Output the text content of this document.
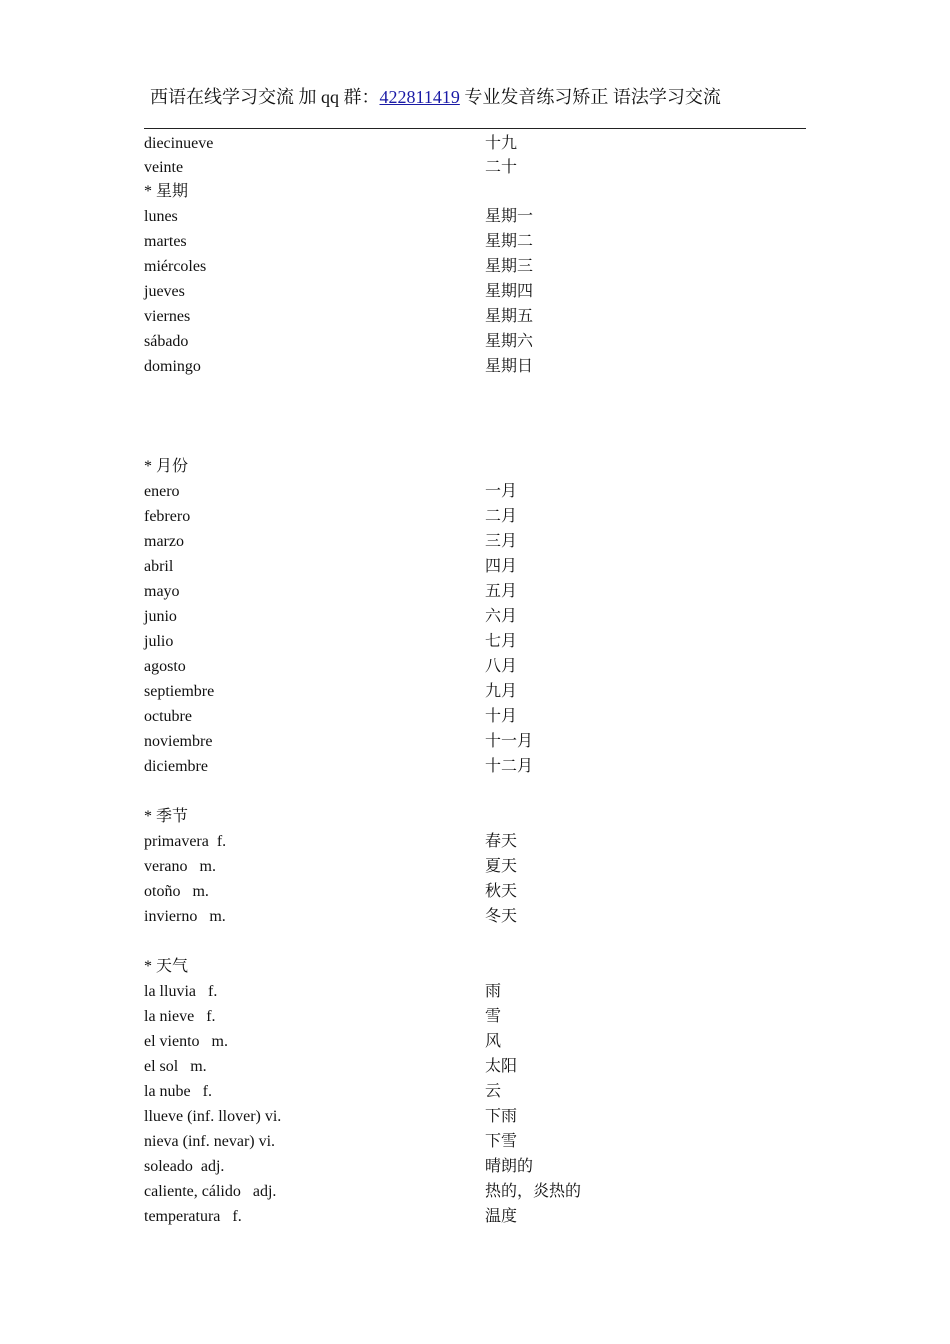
西语在线学习交流 加 qq 群：422811419 专业发音练习矫正 语法学习交流
diecinueve	十九
veinte	二十
* 星期
lunes	星期一
martes	星期二
miércoles	星期三
jueves	星期四
viernes	星期五
sábado	星期六
domingo	星期日
* 月份
enero	一月
febrero	二月
marzo	三月
abril	四月
mayo	五月
junio	六月
julio	七月
agosto	八月
septiembre	九月
octubre	十月
noviembre	十一月
diciembre	十二月
* 季节
primavera  f.	春天
verano   m.	夏天
otoño   m.	秋天
invierno   m.	冬天
* 天气
la lluvia   f.	雨
la nieve   f.	雪
el viento   m.	风
el sol   m.	太阳
la nube   f.	云
llueve (inf. llover) vi.	下雨
nieva (inf. nevar) vi.	下雪
soleado  adj.	晴朗的
caliente, cálido   adj.	热的，炎热的
temperatura   f.	温度
